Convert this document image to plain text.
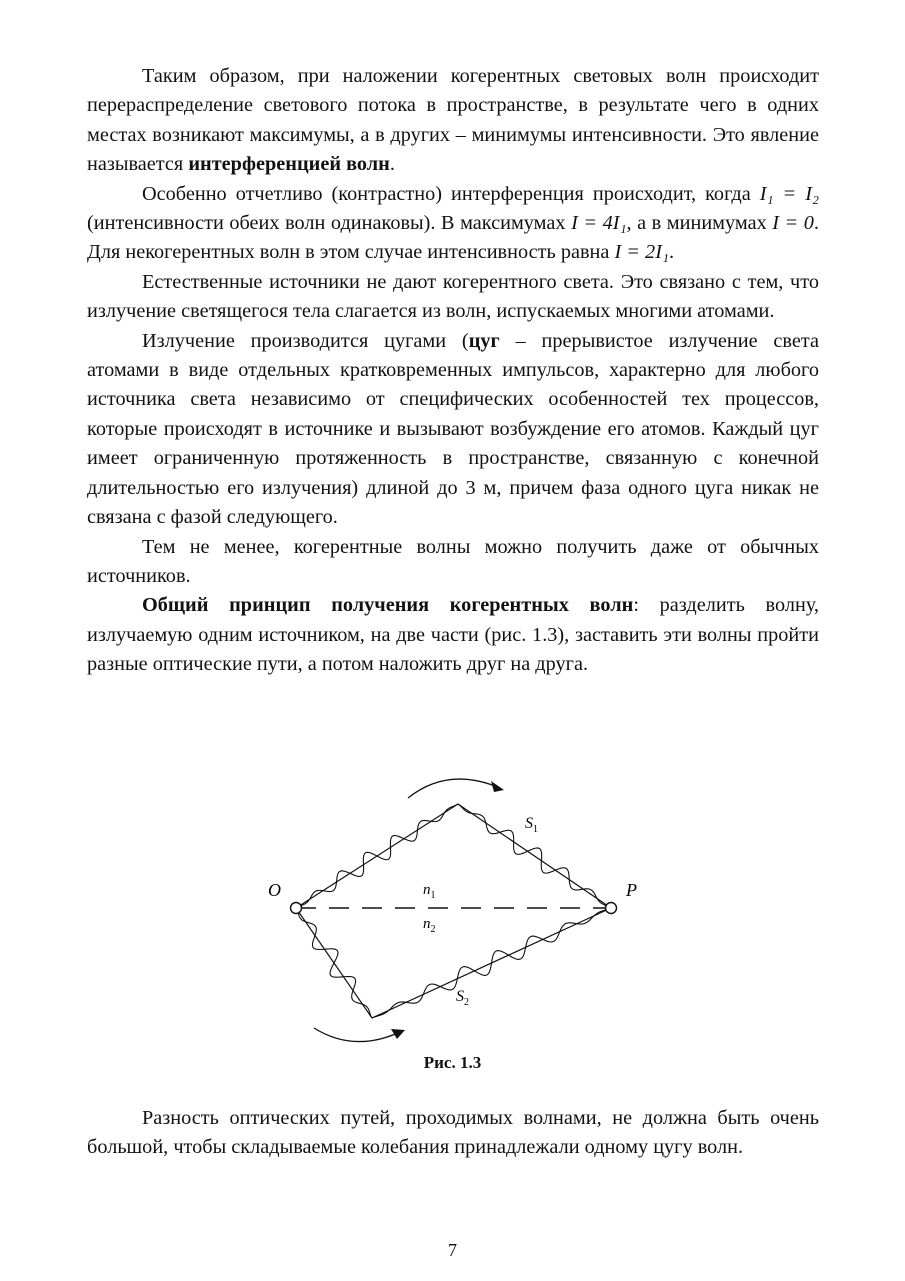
Таким образом, при наложении когерентных световых волн происходит перераспределение светового потока в пространстве, в результате чего в одних местах возникают максимумы, а в других – минимумы интенсивности. Это явление называется интерференцией волн.

Особенно отчетливо (контрастно) интерференция происходит, когда I₁ = I₂ (интенсивности обеих волн одинаковы). В максимумах I = 4I₁, а в минимумах I = 0. Для некогерентных волн в этом случае интенсивность равна I = 2I₁.

Естественные источники не дают когерентного света. Это связано с тем, что излучение светящегося тела слагается из волн, испускаемых многими атомами.

Излучение производится цугами (цуг – прерывистое излучение света атомами в виде отдельных кратковременных импульсов, характерно для любого источника света независимо от специфических особенностей тех процессов, которые происходят в источнике и вызывают возбуждение его атомов. Каждый цуг имеет ограниченную протяженность в пространстве, связанную с конечной длительностью его излучения) длиной до 3 м, причем фаза одного цуга никак не связана с фазой следующего.

Тем не менее, когерентные волны можно получить даже от обычных источников.

Общий принцип получения когерентных волн: разделить волну, излучаемую одним источником, на две части (рис. 1.3), заставить эти волны пройти разные оптические пути, а потом наложить друг на друга.

O	P
$S_1$
$S_2$
$n_1$
$n_2$
Рис. 1.3

Разность оптических путей, проходимых волнами, не должна быть очень большой, чтобы складываемые колебания принадлежали одному цугу волн.

7
